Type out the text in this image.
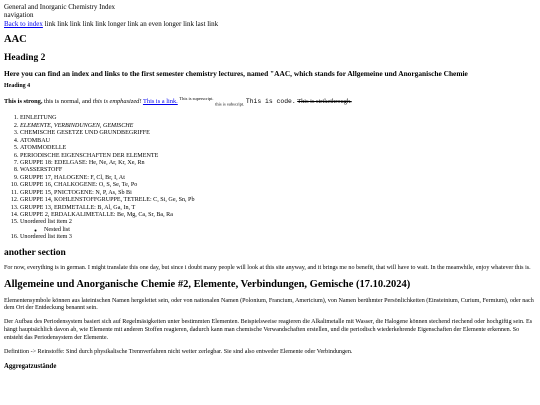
General and Inorganic Chemistry Index
navigation
Back to index link link link link link longer link an even longer link last link
AAC
Heading 2
Here you can find an index and links to the first semester chemistry lectures, named "AAC, which stands for Allgemeine und Anorganische Chemie
Heading 4

This is strong, this is normal, and this is emphasized! This is a link. $^{This is superscript.}$ $_{this is subscript.}$ This is code. This is strikethrough.

1. EINLEITUNG
2. ELEMENTE, VERBINDUNGEN, GEMISCHE
3. CHEMISCHE GESETZE UND GRUNDBEGRIFFE
4. ATOMBAU
5. ATOMMODELLE
6. PERIODISCHE EIGENSCHAFTEN DER ELEMENTE
7. GRUPPE 18: EDELGASE: He, Ne, Ar, Kr, Xe, Rn
8. WASSERSTOFF
9. GRUPPE 17, HALOGENE: F, Cl, Br, I, At
10. GRUPPE 16, CHALKOGENE: O, S, Se, Te, Po
11. GRUPPE 15, PNICTOGENE: N, P, As, Sb Bi
12. GRUPPE 14, KOHLENSTOFFGRUPPE, TETRELE: C, Si, Ge, Sn, Pb
13. GRUPPE 13, ERDMETALLE: B, Al, Ga, In, T
14. GRUPPE 2, ERDALKALIMETALLE: Be, Mg, Ca, Sr, Ba, Ra
15. Unordered list item 2
◦ Nested list
16. Unordered list item 3
another section

For now, everything is in german. I might translate this one day, but since i doubt many people will look at this site anyway, and it brings me no benefit, that will have to wait. In the meanwhile, enjoy whatever this is.

Allgemeine und Anorganische Chemie #2, Elemente, Verbindungen, Gemische (17.10.2024)

Elementensymbole können aus lateinischen Namen hergeleitet sein, oder von nationalen Namen (Polonium, Francium, Americium), von Namen berühmter Persönlichkeiten (Einsteinium, Curium, Fermium), oder nach dem Ort der Entdeckung benannt sein.

Der Aufbau des Periodensystem basiert sich auf Regelmäsigkeiten unter bestimmten Elementen. Beispielsweise reagieren die Alkalimetalle mit Wasser, die Halogene können stechend riechend oder hochgiftig sein. Es hängt hauptsächlich davon ab, wie Elemente mit anderen Stoffen reagieren, dadurch kann man chemische Verwandschaften erstellen, und die periodisch wiederkehrende Eigenschaften der Elemente erkennen. So entsteht das Periodensystem der Elemente.

Definition -> Reinstoffe: Sind durch physikalische Trennverfahren nicht weiter zerlegbar. Sie sind also entweder Elemente oder Verbindungen.

Aggregatzustände
